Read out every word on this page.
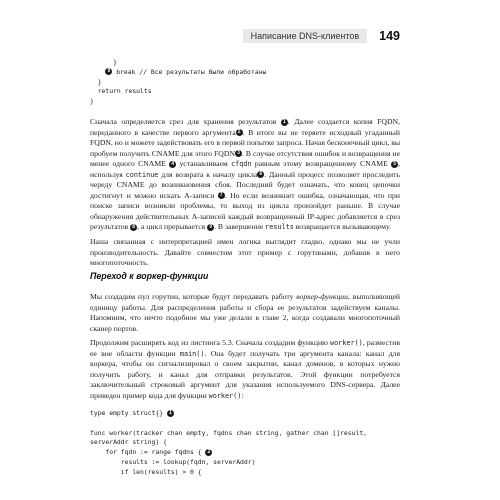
Написание DNS-клиентов	149
}
9 break // Все результаты были обработаны
}
return results
}

Сначала определяется срез для хранения результатов 1 . Далее создается копия FQDN, переданного в качестве первого аргумента 2 . В итоге вы не теряете исходный угаданный FQDN, но и можете задействовать его в первой попытке запроса. Начав бесконечный цикл, вы пробуем получить CNAME для этого FQDN 3 . В случае отсутствия ошибок и возвращения не менее одного CNAME 4 устанавливаем cfqdn равным этому возвращенному CNAME 5 , используя continue для возврата к началу цикла 6 . Данный процесс позволяет проследить череду CNAME до возникновения сбоя. Последний будет означать, что конец цепочки достигнут и можно искать A-записи 7 . Но если возникнет ошибка, означающая, что при поиске записи возникли проблемы, то выход из цикла произойдет раньше. В случае обнаружения действительных A-записей каждый возвращенный IP-адрес добавляется в срез результатов 8 , а цикл прерывается 9 . В завершение results возвращается вызывающему.

Наша связанная с интерпретацией имен логика выглядит гладко, однако мы не учли производительность. Давайте совместим этот пример с горутинами, добавив в него многопоточность.

Переход к воркер-функции

Мы создадим пул горутин, которые будут передавать работу воркер-функции, выполняющей единицу работы. Для распределения работы и сбора ее результатов задействуем каналы. Напомним, что нечто подобное мы уже делали в главе 2, когда создавали многопоточный сканер портов.

Продолжим расширять код из листинга 5.3. Сначала создадим функцию worker(), разместив ее вне области функции main(). Она будет получать три аргумента канала: канал для воркера, чтобы он сигнализировал о своем закрытии, канал доменов, в которых нужно получить работу, и канал для отправки результатов. Этой функции потребуется заключительный строковый аргумент для указания используемого DNS-сервера. Далее приведен пример кода для функции worker():

type empty struct{} 1

func worker(tracker chan empty, fqdns chan string, gather chan []result,
serverAddr string) {
for fqdn := range fqdns { 2
results := lookup(fqdn, serverAddr)
if len(results) > 0 {
